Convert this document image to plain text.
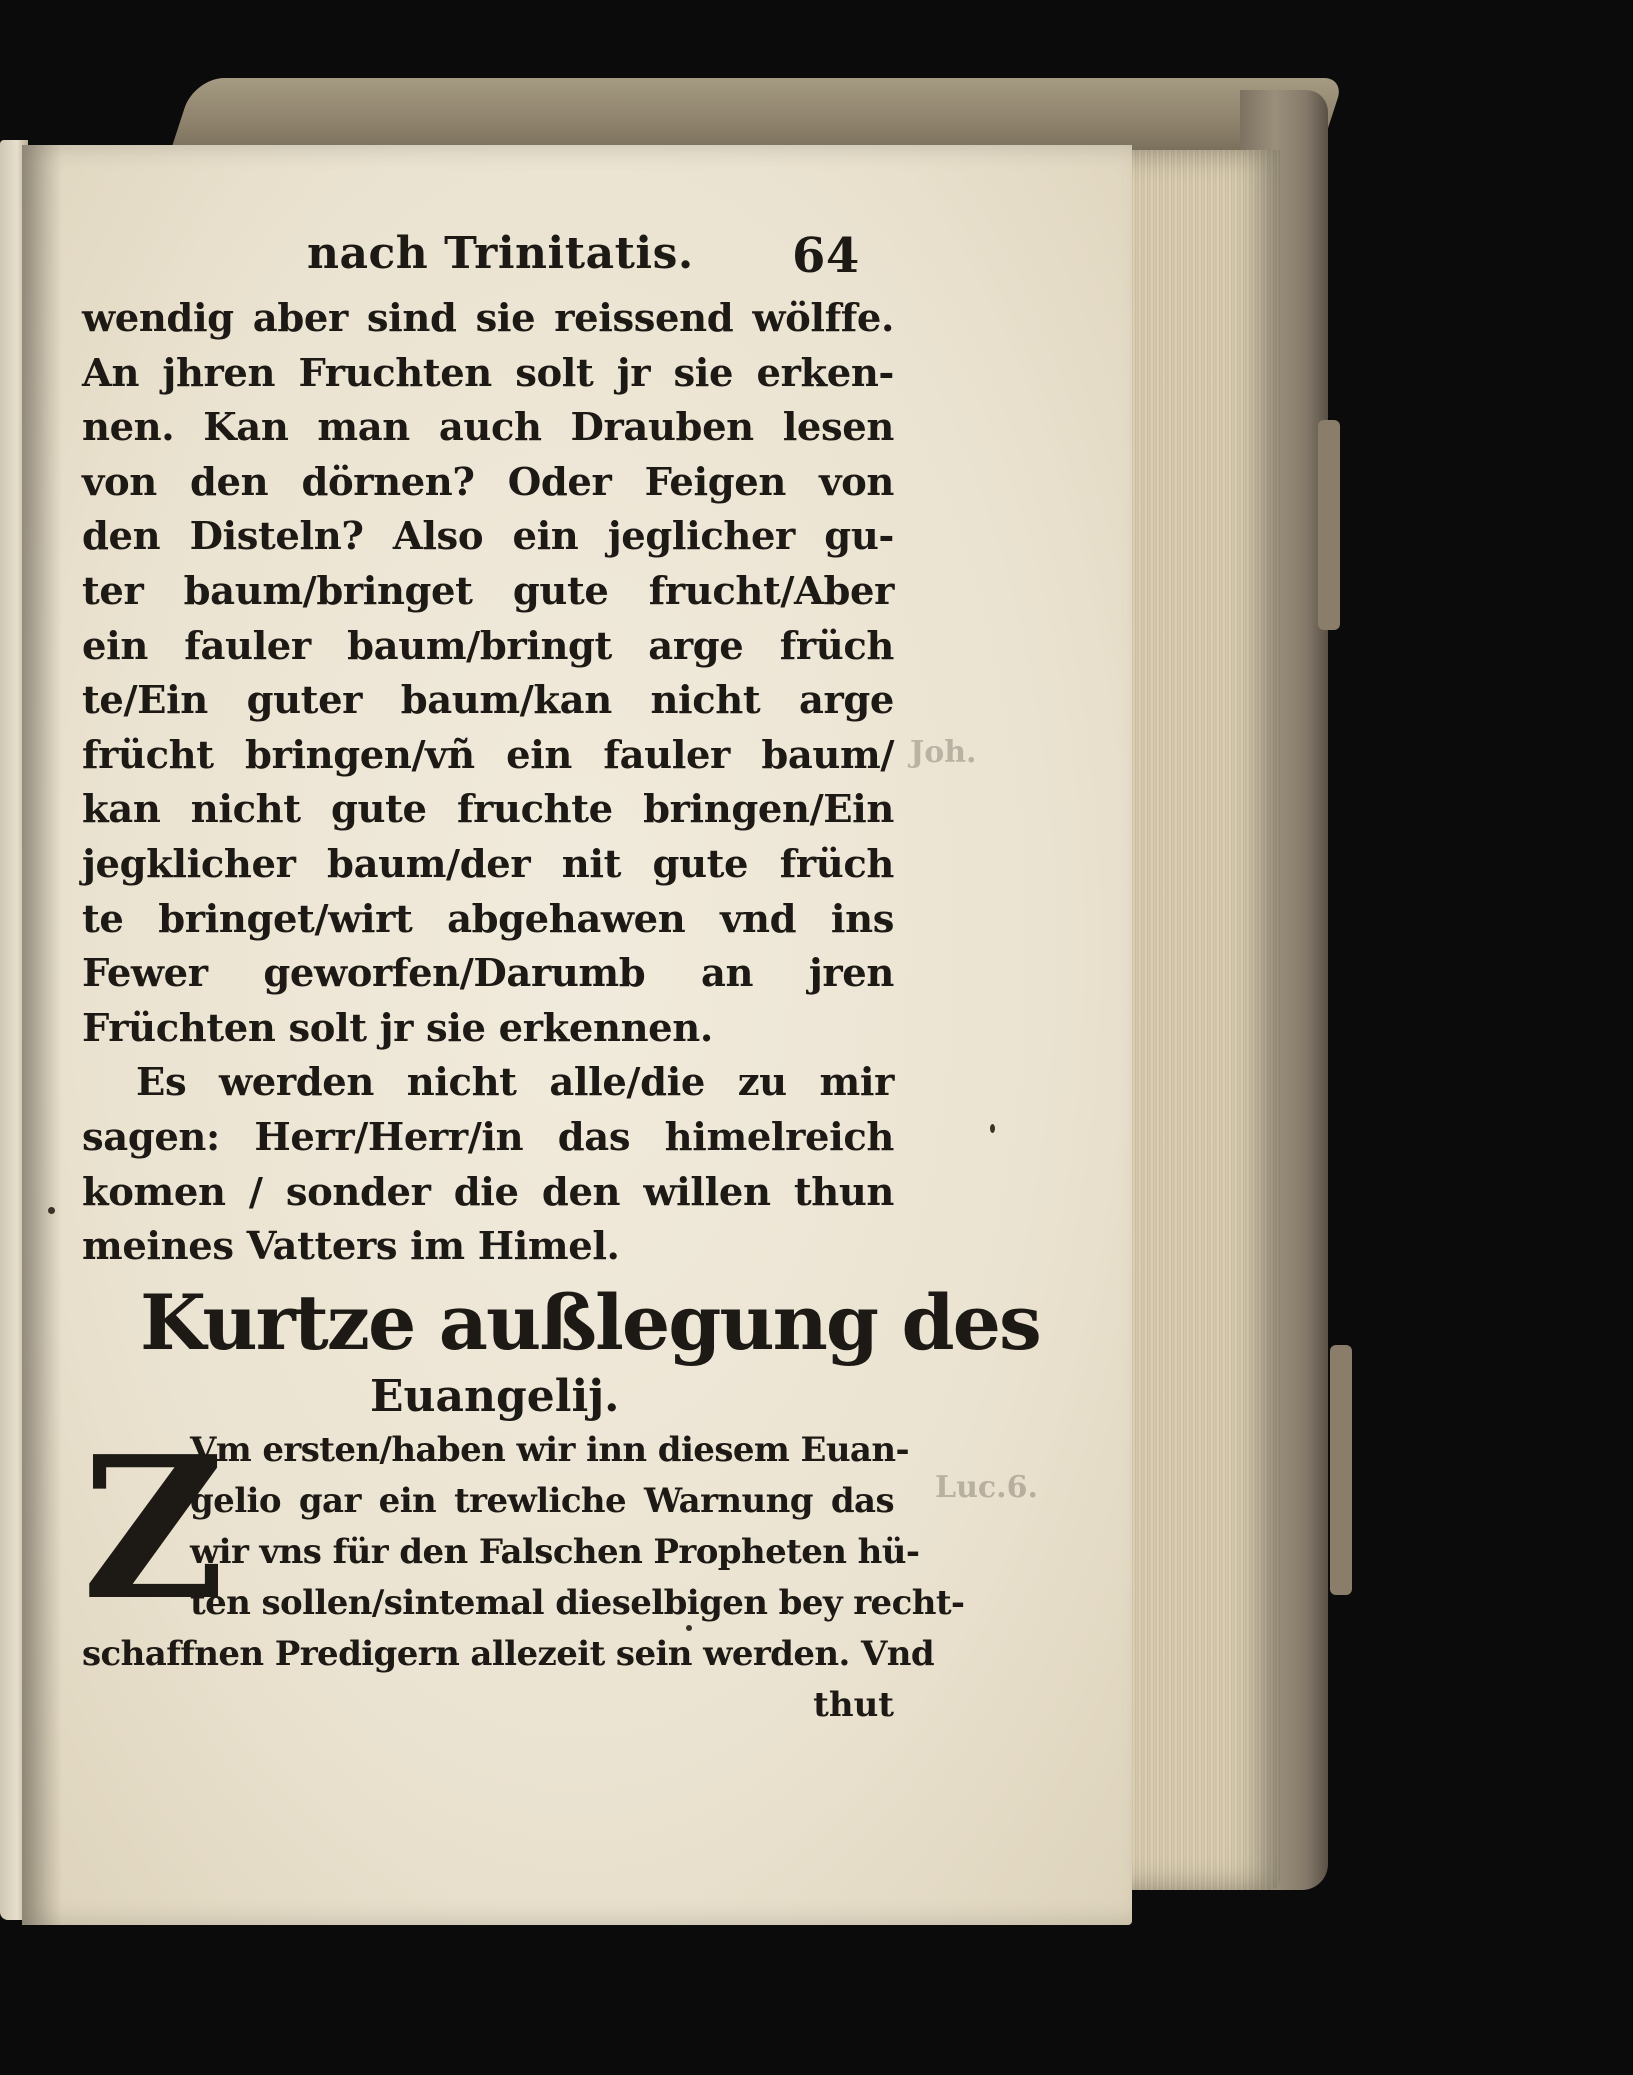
Joh.
Luc.6.
nach Trinitatis. 64
wendig aber sind sie reissend wölffe.
An jhren Fruchten solt jr sie erken-
nen. Kan man auch Drauben lesen
von den dörnen? Oder Feigen von
den Disteln? Also ein jeglicher gu-
ter baum/bringet gute frucht/Aber
ein fauler baum/bringt arge früch
te/Ein guter baum/kan nicht arge
frücht bringen/vñ ein fauler baum/
kan nicht gute fruchte bringen/Ein
jegklicher baum/der nit gute früch
te bringet/wirt abgehawen vnd ins
Fewer geworfen/Darumb an jren
Früchten solt jr sie erkennen.
Es werden nicht alle/die zu mir
sagen: Herr/Herr/in das himelreich
komen / sonder die den willen thun
meines Vatters im Himel.
Kurtze außlegung des
Euangelij.
Z
Vm ersten/haben wir inn diesem Euan-
gelio gar ein trewliche Warnung das
wir vns für den Falschen Propheten hü-
ten sollen/sintemal dieselbigen bey recht-
schaffnen Predigern allezeit sein werden. Vnd
thut
